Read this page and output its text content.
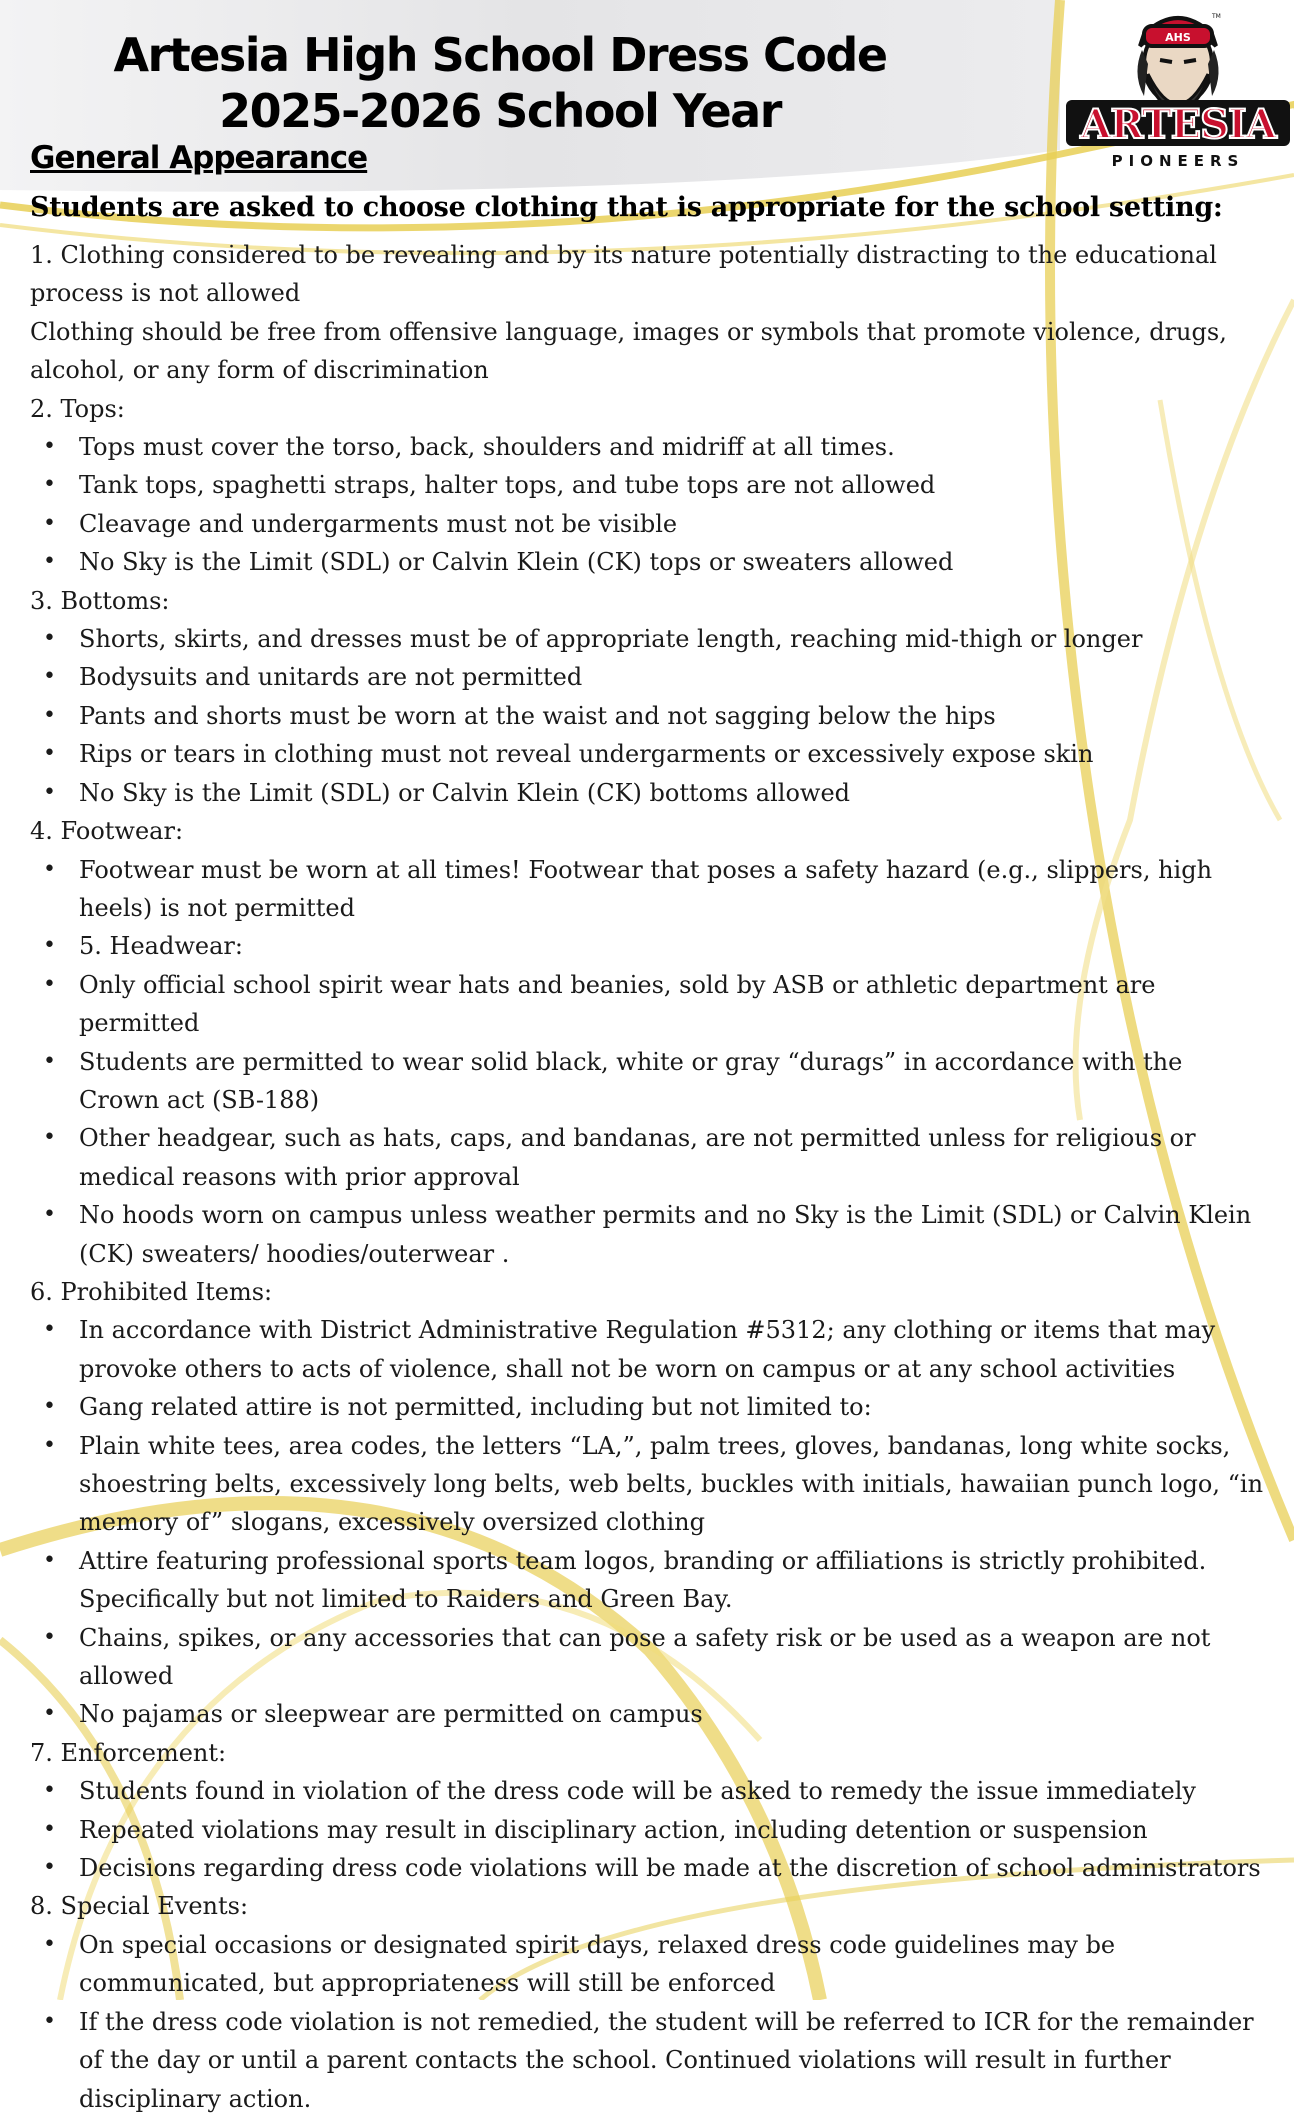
AHS
TM
ARTESIA
PIONEERS
Artesia High School Dress Code
2025-2026 School Year
General Appearance
Students are asked to choose clothing that is appropriate for the school setting:

1. Clothing considered to be revealing and by its nature potentially distracting to the educational process is not allowed

Clothing should be free from offensive language, images or symbols that promote violence, drugs, alcohol, or any form of discrimination

2. Tops:

• Tops must cover the torso, back, shoulders and midriff at all times.
• Tank tops, spaghetti straps, halter tops, and tube tops are not allowed
• Cleavage and undergarments must not be visible
• No Sky is the Limit (SDL) or Calvin Klein (CK) tops or sweaters allowed

3. Bottoms:

• Shorts, skirts, and dresses must be of appropriate length, reaching mid-thigh or longer
• Bodysuits and unitards are not permitted
• Pants and shorts must be worn at the waist and not sagging below the hips
• Rips or tears in clothing must not reveal undergarments or excessively expose skin
• No Sky is the Limit (SDL) or Calvin Klein (CK) bottoms allowed

4. Footwear:

• Footwear must be worn at all times! Footwear that poses a safety hazard (e.g., slippers, high heels) is not permitted
• 5. Headwear:
• Only official school spirit wear hats and beanies, sold by ASB or athletic department are permitted
• Students are permitted to wear solid black, white or gray “durags” in accordance with the Crown act (SB-188)
• Other headgear, such as hats, caps, and bandanas, are not permitted unless for religious or medical reasons with prior approval
• No hoods worn on campus unless weather permits and no Sky is the Limit (SDL) or Calvin Klein (CK) sweaters/ hoodies/outerwear .

6. Prohibited Items:

• In accordance with District Administrative Regulation #5312; any clothing or items that may provoke others to acts of violence, shall not be worn on campus or at any school activities
• Gang related attire is not permitted, including but not limited to:
• Plain white tees, area codes, the letters “LA,”, palm trees, gloves, bandanas, long white socks, shoestring belts, excessively long belts, web belts, buckles with initials, hawaiian punch logo, “in memory of” slogans, excessively oversized clothing
• Attire featuring professional sports team logos, branding or affiliations is strictly prohibited. Specifically but not limited to Raiders and Green Bay.
• Chains, spikes, or any accessories that can pose a safety risk or be used as a weapon are not allowed
• No pajamas or sleepwear are permitted on campus

7. Enforcement:

• Students found in violation of the dress code will be asked to remedy the issue immediately
• Repeated violations may result in disciplinary action, including detention or suspension
• Decisions regarding dress code violations will be made at the discretion of school administrators

8. Special Events:

• On special occasions or designated spirit days, relaxed dress code guidelines may be communicated, but appropriateness will still be enforced
• If the dress code violation is not remedied, the student will be referred to ICR for the remainder of the day or until a parent contacts the school. Continued violations will result in further disciplinary action.
